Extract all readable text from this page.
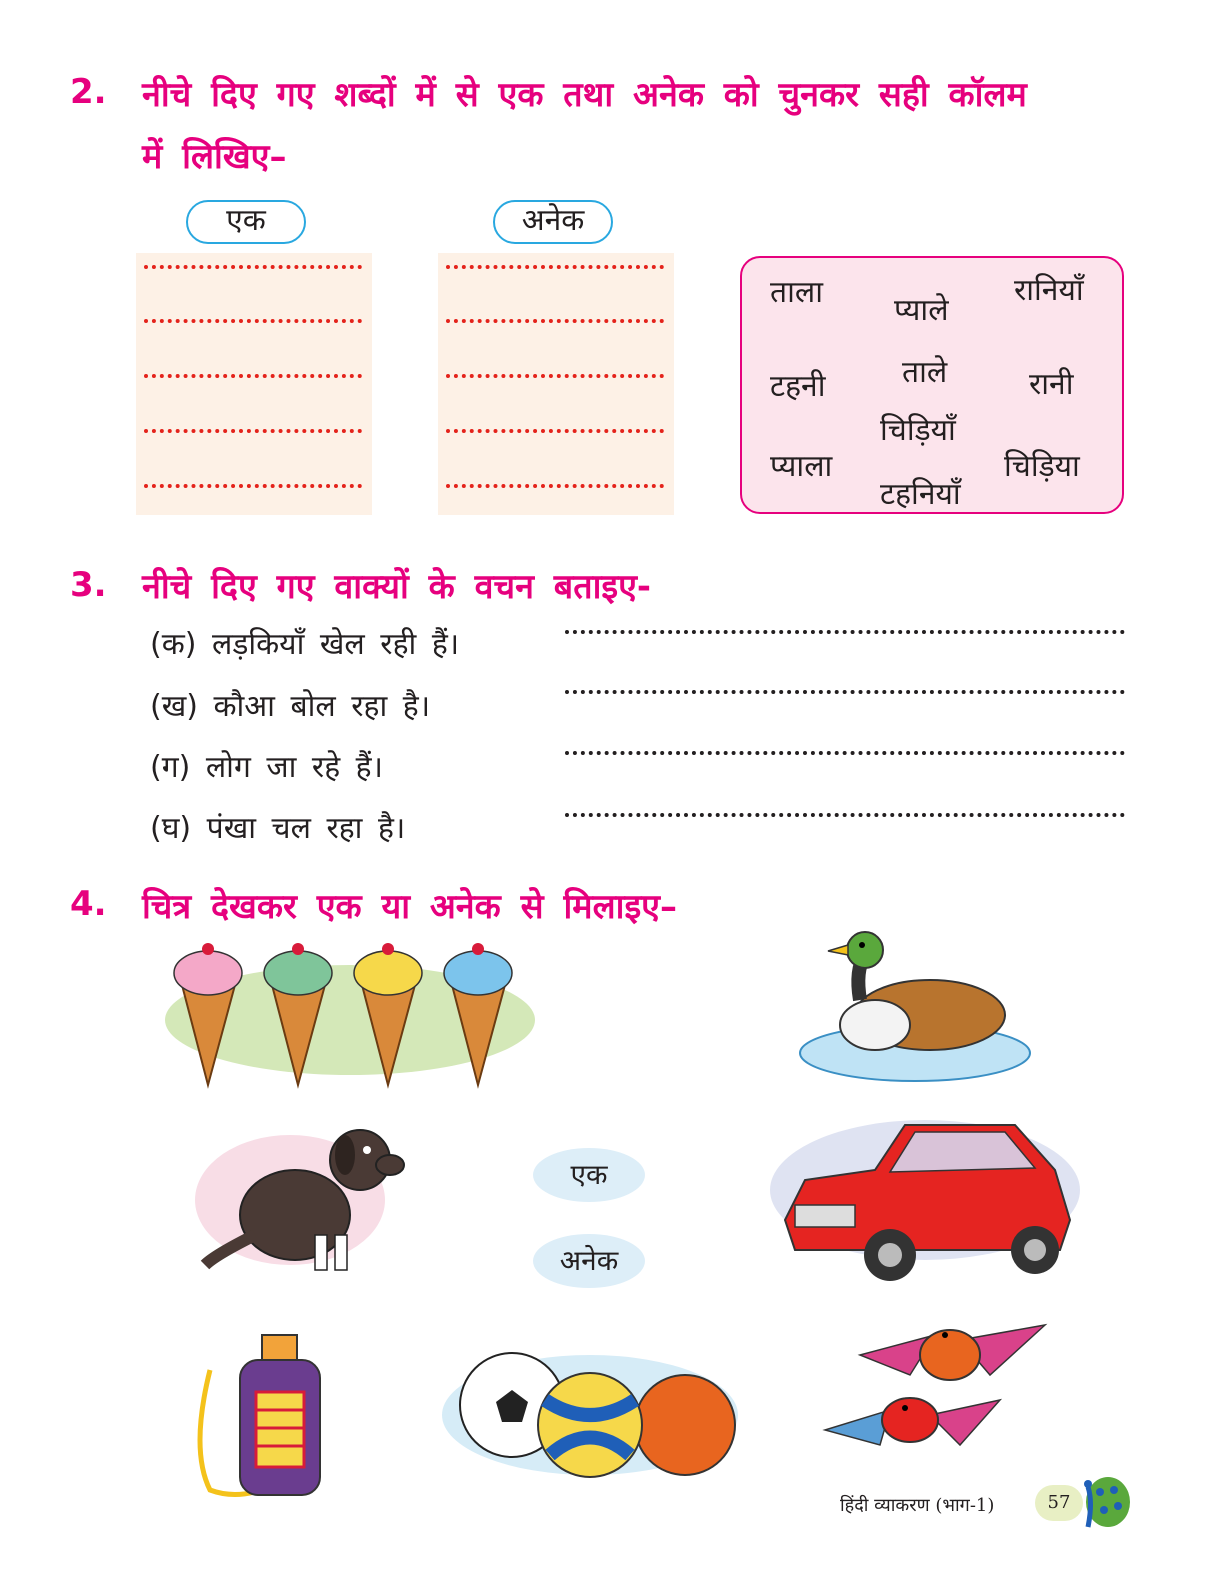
2. नीचे दिए गए शब्दों में से एक तथा अनेक को चुनकर सही कॉलम
में लिखिए–
एक	अनेक
ताला
प्याले
रानियाँ
टहनी	ताले	रानी
चिड़ियाँ
प्याला	चिड़िया
टहनियाँ
3. नीचे दिए गए वाक्यों के वचन बताइए-
(क) लड़कियाँ खेल रही हैं।
(ख) कौआ बोल रहा है।
(ग) लोग जा रहे हैं।
(घ) पंखा चल रहा है।
4. चित्र देखकर एक या अनेक से मिलाइए–
एक
अनेक
हिंदी व्याकरण (भाग-1)	57
